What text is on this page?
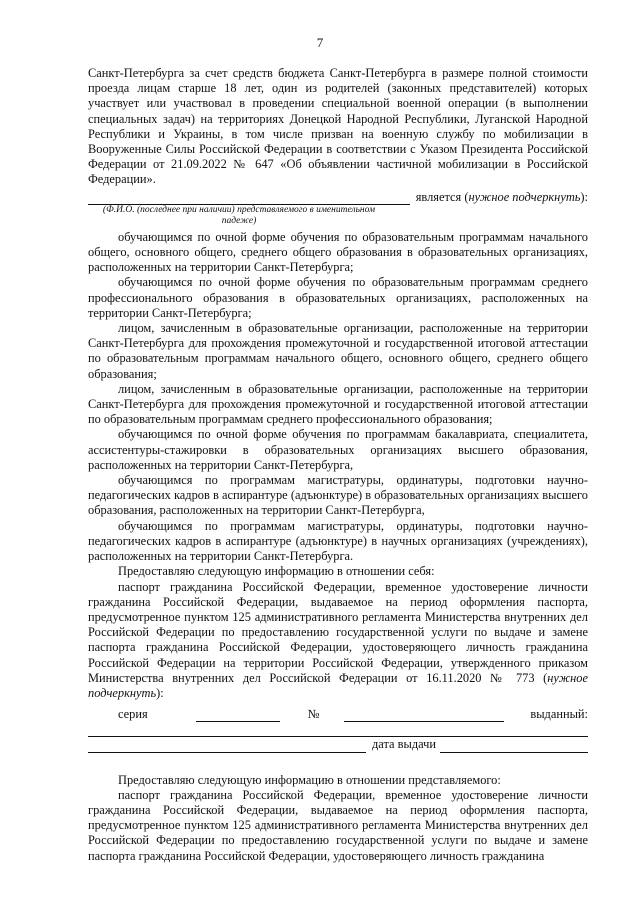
7

Санкт-Петербурга за счет средств бюджета Санкт-Петербурга в размере полной стоимости проезда лицам старше 18 лет, один из родителей (законных представителей) которых участвует или участвовал в проведении специальной военной операции (в выполнении специальных задач) на территориях Донецкой Народной Республики, Луганской Народной Республики и Украины, в том числе призван на военную службу по мобилизации в Вооруженные Силы Российской Федерации в соответствии с Указом Президента Российской Федерации от 21.09.2022 № 647 «Об объявлении частичной мобилизации в Российской Федерации».

является (нужное подчеркнуть):
(Ф.И.О. (последнее при наличии) представляемого в именительном падеже)

обучающимся по очной форме обучения по образовательным программам начального общего, основного общего, среднего общего образования в образовательных организациях, расположенных на территории Санкт-Петербурга;

обучающимся по очной форме обучения по образовательным программам среднего профессионального образования в образовательных организациях, расположенных на территории Санкт-Петербурга;

лицом, зачисленным в образовательные организации, расположенные на территории Санкт-Петербурга для прохождения промежуточной и государственной итоговой аттестации по образовательным программам начального общего, основного общего, среднего общего образования;

лицом, зачисленным в образовательные организации, расположенные на территории Санкт-Петербурга для прохождения промежуточной и государственной итоговой аттестации по образовательным программам среднего профессионального образования;

обучающимся по очной форме обучения по программам бакалавриата, специалитета, ассистентуры-стажировки в образовательных организациях высшего образования, расположенных на территории Санкт-Петербурга,

обучающимся по программам магистратуры, ординатуры, подготовки научно-педагогических кадров в аспирантуре (адъюнктуре) в образовательных организациях высшего образования, расположенных на территории Санкт-Петербурга,

обучающимся по программам магистратуры, ординатуры, подготовки научно-педагогических кадров в аспирантуре (адъюнктуре) в научных организациях (учреждениях), расположенных на территории Санкт-Петербурга.

Предоставляю следующую информацию в отношении себя:

паспорт гражданина Российской Федерации, временное удостоверение личности гражданина Российской Федерации, выдаваемое на период оформления паспорта, предусмотренное пунктом 125 административного регламента Министерства внутренних дел Российской Федерации по предоставлению государственной услуги по выдаче и замене паспорта гражданина Российской Федерации, удостоверяющего личность гражданина Российской Федерации на территории Российской Федерации, утвержденного приказом Министерства внутренних дел Российской Федерации от 16.11.2020 № 773 (нужное подчеркнуть):

серия	№	выданный:
дата выдачи

Предоставляю следующую информацию в отношении представляемого:

паспорт гражданина Российской Федерации, временное удостоверение личности гражданина Российской Федерации, выдаваемое на период оформления паспорта, предусмотренное пунктом 125 административного регламента Министерства внутренних дел Российской Федерации по предоставлению государственной услуги по выдаче и замене паспорта гражданина Российской Федерации, удостоверяющего личность гражданина
